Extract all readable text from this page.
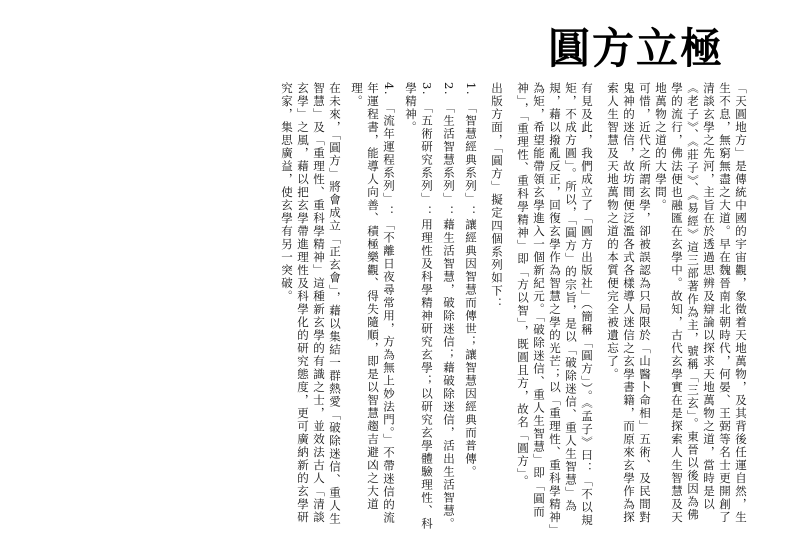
圓方立極

「天圓地方」是傳統中國的宇宙觀，象徵着天地萬物，及其背後任運自然，生生不息，無窮無盡之大道。早在魏晉南北朝時代，何晏、王弼等名士更開創了清談玄學之先河，主旨在於透過思辨及辯論以探求天地萬物之道，當時是以《老子》、《莊子》、《易經》這三部著作為主，號稱「三玄」。東晉以後因為佛學的流行，佛法便也融匯在玄學中。故知，古代玄學實在是探索人生智慧及天地萬物之道的大學問。

可惜，近代之所謂玄學，卻被誤認為只局限於「山醫卜命相」五術、及民間對鬼神的迷信，故坊間便泛濫各式各樣導人迷信之玄學書籍，而原來玄學作為探索人生智慧及天地萬物之道的本質便完全被遺忘了。

有見及此，我們成立了「圓方出版社」（簡稱「圓方」）。《孟子》曰：「不以規矩，不成方圓」。所以，「圓方」的宗旨，是以「破除迷信、重人生智慧」為規，藉以撥亂反正，回復玄學作為智慧之學的光芒；以「重理性、重科學精神」為矩，希望能帶領玄學進入一個新紀元。「破除迷信、重人生智慧」即「圓而神」，「重理性、重科學精神」即「方以智」，既圓且方，故名「圓方」。

出版方面，「圓方」擬定四個系列如下：

1. 「智慧經典系列」：讓經典因智慧而傳世；讓智慧因經典而普傳。

2. 「生活智慧系列」：藉生活智慧，破除迷信；藉破除迷信，活出生活智慧。

3. 「五術研究系列」：用理性及科學精神研究玄學；以研究玄學體驗理性、科學精神。

4. 「流年運程系列」：「不離日夜尋常用，方為無上妙法門。」不帶迷信的流年運程書，能導人向善、積極樂觀、得失隨順，即是以智慧趨吉避凶之大道理。

在未來，「圓方」將會成立「正玄會」，藉以集結一群熱愛「破除迷信、重人生智慧」及「重理性、重科學精神」這種新玄學的有識之士，並效法古人「清談玄學」之風，藉以把玄學帶進理性及科學化的研究態度，更可廣納新的玄學研究家，集思廣益，使玄學有另一突破。
